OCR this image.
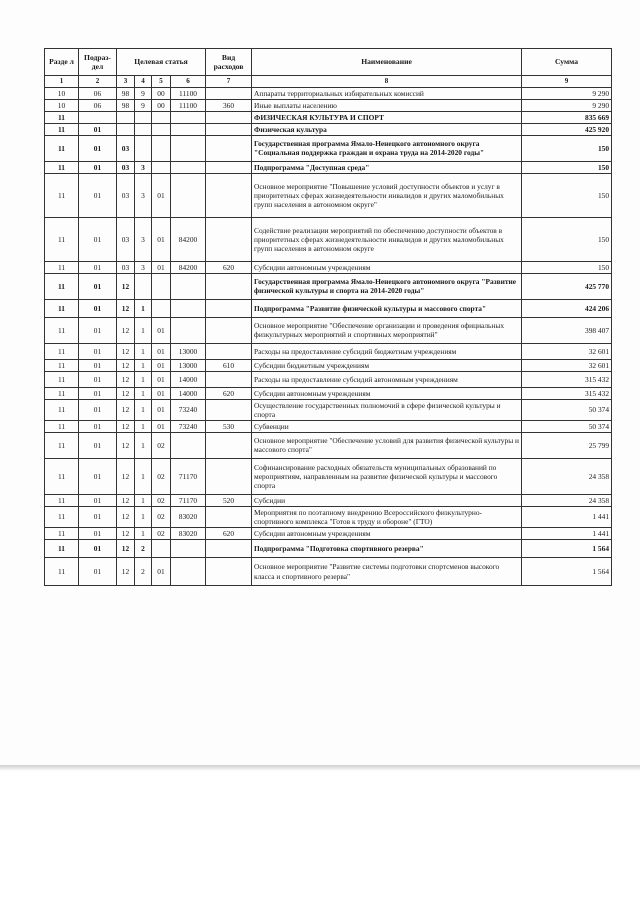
Разде л	Подраз- дел	Целевая статья				Вид расходов	Наименование	Сумма
1	2	3	4	5	6	7	8	9
10	06	98	9	00	11100		Аппараты территориальных избирательных комиссий	9 290
10	06	98	9	00	11100	360	Иные выплаты населению	9 290
11							ФИЗИЧЕСКАЯ КУЛЬТУРА И СПОРТ	835 669
11	01						Физическая культура	425 920
11	01	03					Государственная программа Ямало-Ненецкого автономного округа "Социальная поддержка граждан и охрана труда на 2014-2020 годы"	150
11	01	03	3				Подпрограмма "Доступная среда"	150
11	01	03	3	01			Основное мероприятие "Повышение условий доступности объектов и услуг в приоритетных сферах жизнедеятельности инвалидов и других маломобильных групп населения в автономном округе"	150
11	01	03	3	01	84200		Содействие реализации мероприятий по обеспечению доступности объектов в приоритетных сферах жизнедеятельности инвалидов и других маломобильных групп населения в автономном округе	150
11	01	03	3	01	84200	620	Субсидии автономным учреждениям	150
11	01	12					Государственная программа Ямало-Ненецкого автономного округа "Развитие физической культуры и спорта на 2014-2020 годы"	425 770
11	01	12	1				Подпрограмма "Развитие физической культуры и массового спорта"	424 206
11	01	12	1	01			Основное мероприятие "Обеспечение организации и проведения официальных физкультурных мероприятий и спортивных мероприятий"	398 407
11	01	12	1	01	13000		Расходы на предоставление субсидий бюджетным учреждениям	32 601
11	01	12	1	01	13000	610	Субсидии бюджетным учреждениям	32 601
11	01	12	1	01	14000		Расходы на предоставление субсидий автономным учреждениям	315 432
11	01	12	1	01	14000	620	Субсидии автономным учреждениям	315 432
11	01	12	1	01	73240		Осуществление государственных полномочий в сфере физической культуры и спорта	50 374
11	01	12	1	01	73240	530	Субвенции	50 374
11	01	12	1	02			Основное мероприятие "Обеспечение условий для развития физической культуры и массового спорта"	25 799
11	01	12	1	02	71170		Софинансирование расходных обязательств муниципальных образований по мероприятиям, направленным на развитие физической культуры и массового спорта	24 358
11	01	12	1	02	71170	520	Субсидии	24 358
11	01	12	1	02	83020		Мероприятия по поэтапному внедрению Всероссийского физкультурно-спортивного комплекса "Готов к труду и обороне" (ГТО)	1 441
11	01	12	1	02	83020	620	Субсидии автономным учреждениям	1 441
11	01	12	2				Подпрограмма "Подготовка спортивного резерва"	1 564
11	01	12	2	01			Основное мероприятие "Развитие системы подготовки спортсменов высокого класса и спортивного резерва"	1 564
